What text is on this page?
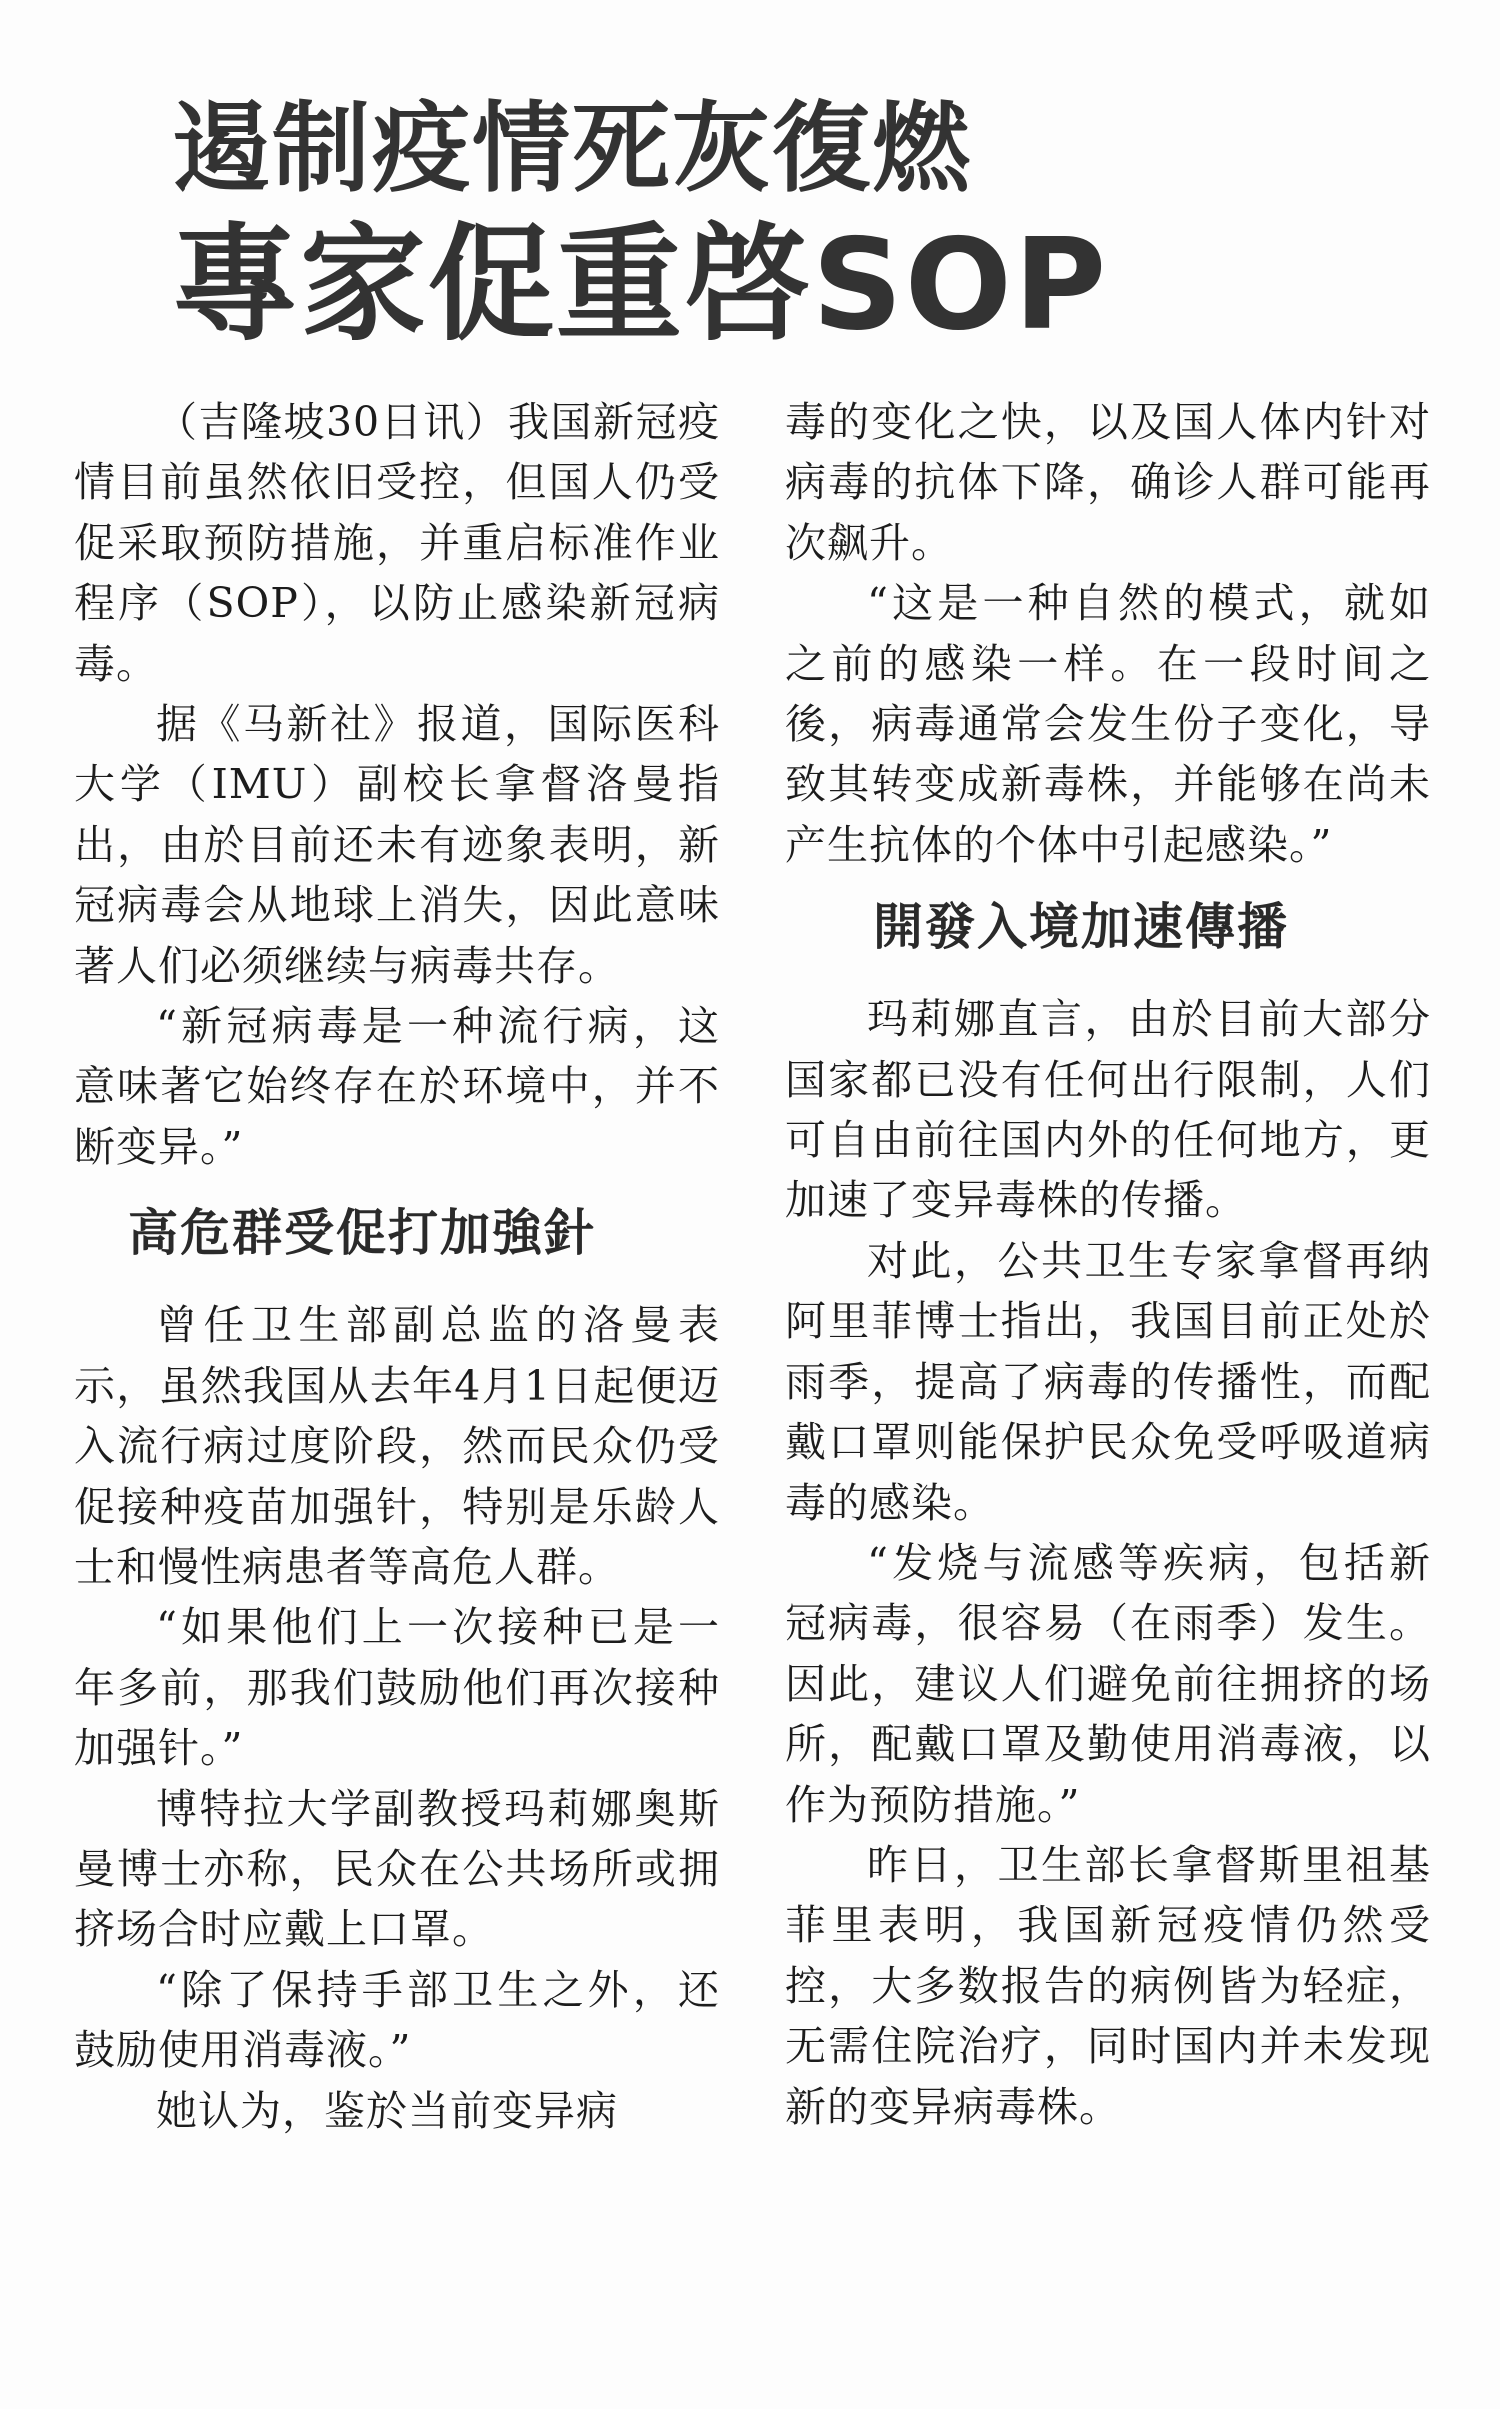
遏制疫情死灰復燃
專家促重啓SOP

（吉隆坡30日讯）我国新冠疫情目前虽然依旧受控，但国人仍受促采取预防措施，并重启标准作业程序（SOP），以防止感染新冠病毒。

据《马新社》报道，国际医科大学（IMU）副校长拿督洛曼指出，由於目前还未有迹象表明，新冠病毒会从地球上消失，因此意味著人们必须继续与病毒共存。

“新冠病毒是一种流行病，这意味著它始终存在於环境中，并不断变异。”

高危群受促打加強針

曾任卫生部副总监的洛曼表示，虽然我国从去年4月1日起便迈入流行病过度阶段，然而民众仍受促接种疫苗加强针，特别是乐龄人士和慢性病患者等高危人群。

“如果他们上一次接种已是一年多前，那我们鼓励他们再次接种加强针。”

博特拉大学副教授玛莉娜奥斯曼博士亦称，民众在公共场所或拥挤场合时应戴上口罩。

“除了保持手部卫生之外，还鼓励使用消毒液。”

她认为，鉴於当前变异病

毒的变化之快，以及国人体内针对病毒的抗体下降，确诊人群可能再次飙升。

“这是一种自然的模式，就如之前的感染一样。在一段时间之後，病毒通常会发生份子变化，导致其转变成新毒株，并能够在尚未产生抗体的个体中引起感染。”

開發入境加速傳播

玛莉娜直言，由於目前大部分国家都已没有任何出行限制，人们可自由前往国内外的任何地方，更加速了变异毒株的传播。

对此，公共卫生专家拿督再纳阿里菲博士指出，我国目前正处於雨季，提高了病毒的传播性，而配戴口罩则能保护民众免受呼吸道病毒的感染。

“发烧与流感等疾病，包括新冠病毒，很容易（在雨季）发生。因此，建议人们避免前往拥挤的场所，配戴口罩及勤使用消毒液，以作为预防措施。”

昨日，卫生部长拿督斯里祖基菲里表明，我国新冠疫情仍然受控，大多数报告的病例皆为轻症，无需住院治疗，同时国内并未发现新的变异病毒株。
